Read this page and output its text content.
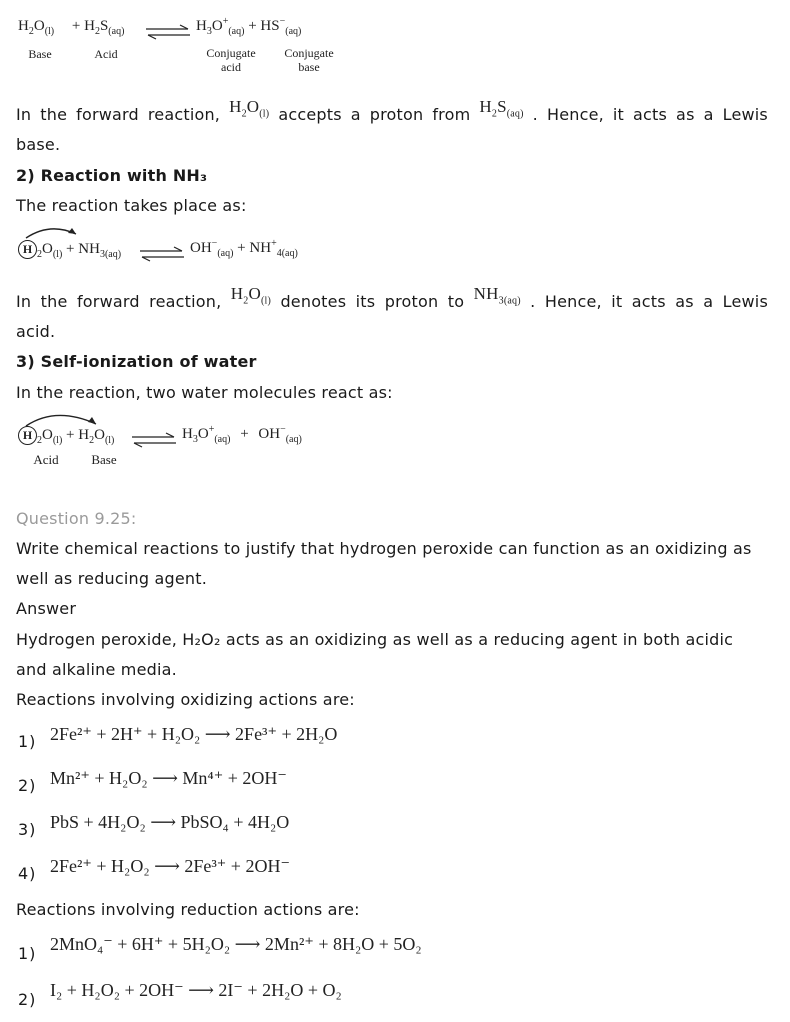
$H_2O_{(l)} + H_2S_{(aq)}$ ⇌ $H_3O^+_{(aq)} + HS^-_{(aq)}$
Base	Acid	Conjugate
acid
Conjugate
base
In the forward reaction, $H_2O_{(l)}$ accepts a proton from $H_2S_{(aq)}$ . Hence, it acts as a Lewis
base.
2) Reaction with NH₃
The reaction takes place as:
H $_2O_{(l)} + NH_{3(aq)}$	$OH^-_{(aq)} + NH^+_{4(aq)}$
In the forward reaction, $H_2O_{(l)}$ denotes its proton to $NH_{3(aq)}$ . Hence, it acts as a Lewis
acid.
3) Self-ionization of water
In the reaction, two water molecules react as:
H $_2O_{(l)} + H_2O_{(l)}$	$H_3O^+_{(aq)} + OH^-_{(aq)}$
Acid	Base
Question 9.25:
Write chemical reactions to justify that hydrogen peroxide can function as an oxidizing as
well as reducing agent.
Answer
Hydrogen peroxide, H₂O₂ acts as an oxidizing as well as a reducing agent in both acidic
and alkaline media.
Reactions involving oxidizing actions are:
1) 2Fe²⁺ + 2H⁺ + H₂O₂ ⟶ 2Fe³⁺ + 2H₂O
2) Mn²⁺ + H₂O₂ ⟶ Mn⁴⁺ + 2OH⁻
3) PbS + 4H₂O₂ ⟶ PbSO₄ + 4H₂O
4) 2Fe²⁺ + H₂O₂ ⟶ 2Fe³⁺ + 2OH⁻
Reactions involving reduction actions are:
1) 2MnO₄⁻ + 6H⁺ + 5H₂O₂ ⟶ 2Mn²⁺ + 8H₂O + 5O₂
2) I₂ + H₂O₂ + 2OH⁻ ⟶ 2I⁻ + 2H₂O + O₂
